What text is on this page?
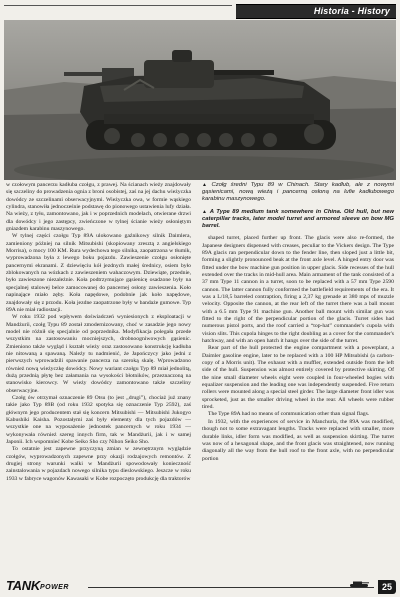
Historia - History

w czołowym pancerzu kadłuba czołgu, z prawej. Na ścianach wieży znajdowały się szczeliny do prowadzenia ognia z broni osobistej, zaś na jej dachu wieżyczka dowódcy ze szczelinami obserwacyjnymi. Wieżyczka owa, w formie wąskiego cylindra, stanowiła jednocześnie podstawę do pionowego ustawienia lufy działa. Na wieży, z tyłu, zamontowano, jak i w poprzednich modelach, otwierane drzwi dla dowódcy i jego zastępcy, zwieńczone w tylnej ścianie wieży osłoniętym gniazdem karabinu maszynowego.

W tylnej części czołgu Typ 89A ulokowano gaźnikowy silnik Daimlera, zamieniony później na silnik Mitsubishi (skopiowany zresztą z angielskiego Morrisa), o mocy 100 KM. Rura wydechowa tego silnika, zaopatrzona w tłumik, wyprowadzona była z lewego boku pojazdu. Zawieszenie czołgu osłonięte pancernymi ekranami. Z dziewięciu kół jezdnych małej średnicy, osiem było zblokowanych na wózkach z zawieszeniem wahaczowym. Dziewiąte, przednie, było zawieszone niezależnie. Koła podtrzymujące gąsienicę osadzone były na specjalnej stalowej belce zamocowanej do pancernej osłony zawieszenia. Koło napinające miało zęby. Koła napędowe, podobnie jak koło napędowe, znajdowały się z przodu. Koła jezdne zaopatrzone były w bandaże gumowe. Typ 89A nie miał radiostacji.

W roku 1932 pod wpływem doświadczeń wyniesionych z eksploatacji w Mandżurii, czołg Typu 89 został zmodernizowany, choć w zasadzie jego nowy model nie różnił się specjalnie od poprzednika. Modyfikacja polegała przede wszystkim na zastosowaniu mocniejszych, drobnoogniwowych gąsienic. Zmieniono także wygląd i kształt wieży oraz zastosowano konstrukcję kadłuba nie nitowaną a spawaną. Należy tu nadmienić, że Japończycy jako jedni z pierwszych wprowadzili spawanie pancerza na szeroką skalę. Wprowadzono również nową wieżyczkę dowódcy. Nowy wariant czołgu Typ 89 miał jednolitą, dużą przednią płytę bez załamania na wysokości błotników, przeznaczoną na stanowisko kierowcy. W wieży dowódcy zamontowano także szczeliny obserwacyjne.

Czołg ów otrzymał oznaczenie 89 Otsu (to jest „drugi”), chociaż już znany takie jako Typ 89B (od roku 1932 spotyka się oznaczenie Typ 2592), zaś głównym jego producentem stał się koncern Mitsubishi — Mitsubishi Jukogyo Kabushiki Kaisha. Pozostałymi zaś były elementy dla tych pojazdów — wszystkie one na wyposażenie jednostek pancernych w roku 1934 — wykonywała również szereg innych firm, tak w Mandżurii, jak i w samej Japonii. Ich wspomnieć Kobe Seiko Sho czy Nihon Seiko Sho.

To ostatnie jest zapewne przyczyną zmian w zewnętrznym wyglądzie czołgów, wyprowadzonych zapewne przy okazji rodzajowych remontów. Z drugiej strony warunki walki w Mandżurii spowodowały konieczność zainstalowania w pojazdach nowego silnika typu dieslowskiego. Jeszcze w roku 1933 w fabryce wagonów Kawasaki w Kobe rozpoczęto produkcję dla traktorów

▲ Czołg średni Typu 89 w Chinach. Stary kadłub, ale z nowymi gąsienicami, nową wieżą i pancerną osłoną na lufie kadłubowego karabinu maszynowego.
▲ A Type 89 medium tank somewhere in China. Old hull, but new caterpillar tracks, later model turret and armored sleeve on bow MG barrel.

shaped turret, placed further up front. The glacis were also re-formed, the Japanese designers dispensed with creases, peculiar to the Vickers design. The Type 89A glacis ran perpendicular down to the fender line, then sloped just a little bit, forming a slightly pronounced beak at the front axle level. A hinged entry door was fitted under the bow machine gun position in upper glacis. Side recesses of the hull extended over the tracks in mid-hull area. Main armament of the tank consisted of a 37 mm Type 11 cannon in a turret, soon to be replaced with a 57 mm Type 2590 cannon. The latter cannon fully conformed the battlefield requirements of the era. It was a L/18,5 barreled contraption, firing a 2,37 kg grenade at 380 mps of muzzle velocity. Opposite the cannon, at the rear left of the turret there was a ball mount with a 6.5 mm Type 91 machine gun. Another ball mount with similar gun was fitted to the right of the perpendicular portion of the glacis. Turret sides had numerous pistol ports, and the roof carried a “top-hat” commander's cupola with vision slits. This cupola hinges to the right doubling as a cover for the commander's hatchway, and with an open hatch it hangs over the side of the turret.

Rear part of the hull protected the engine compartment with a powerplant, a Daimler gasoline engine, later to be replaced with a 100 HP Mitsubishi (a carbon-copy of a Morris unit). The exhaust with a muffler, extended outside from the left side of the hull. Suspension was almost entirely covered by protective skirting. Of the nine small diameter wheels eight were coupled in four-wheeled bogies with equalizer suspension and the leading one was independently suspended. Five return rollers were mounted along a special steel girder. The large diameter front idler was sprocketed, just as the smaller driving wheel in the rear. All wheels were rubber tired.

The Type 89A had no means of communication other than signal flags.

In 1932, with the experiences of service in Manchuria, the 89A was modified, though not to some extravagant lengths. Tracks were replaced with smaller, more durable links, idler form was modified, as well as suspension skirting. The turret was now of a hexagonal shape, and the front glacis was straightened, now running diagonally all the way from the hull roof to the front axle, with no perpendicular portion

TANKPOWER	25
